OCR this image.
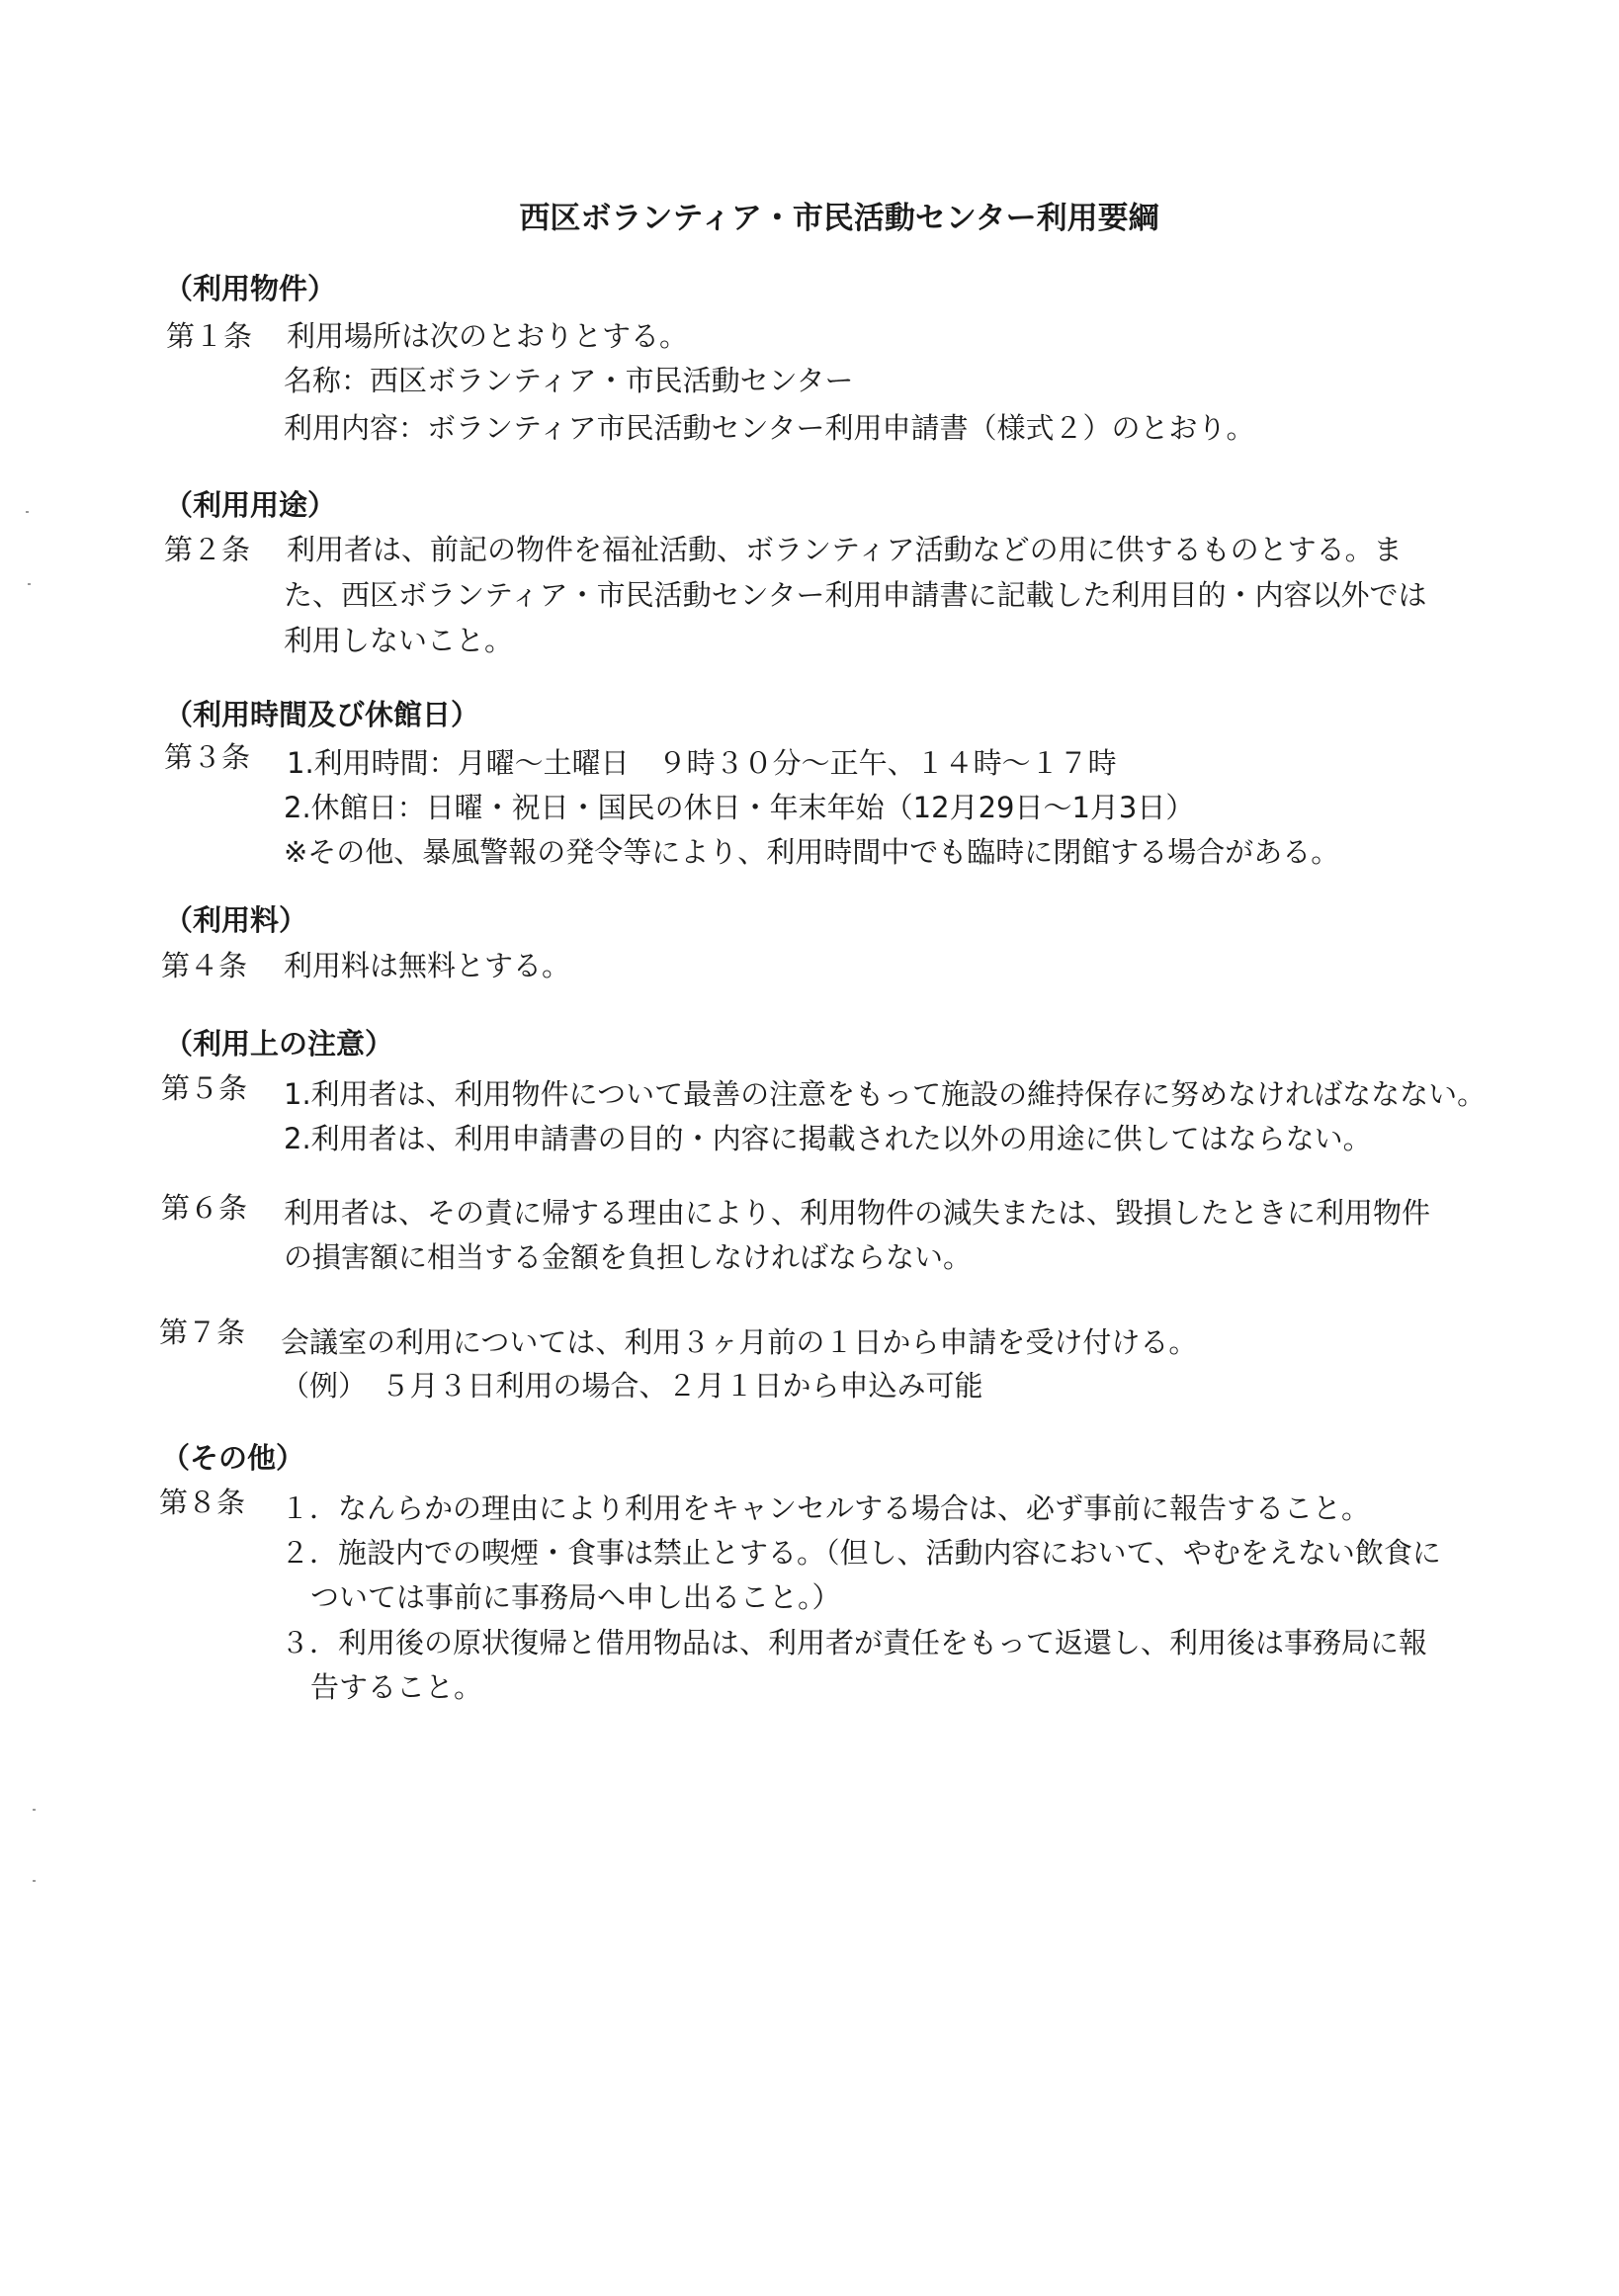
西区ボランティア・市民活動センター利用要綱
（利用物件）
第１条 利用場所は次のとおりとする。
名称：西区ボランティア・市民活動センター
利用内容：ボランティア市民活動センター利用申請書（様式２）のとおり。
（利用用途）
第２条 利用者は、前記の物件を福祉活動、ボランティア活動などの用に供するものとする。ま
た、西区ボランティア・市民活動センター利用申請書に記載した利用目的・内容以外では
利用しないこと。
（利用時間及び休館日）
第３条 1.利用時間：月曜～土曜日　９時３０分～正午、１４時～１７時
2.休館日：日曜・祝日・国民の休日・年末年始（12月29日～1月3日）
※その他、暴風警報の発令等により、利用時間中でも臨時に閉館する場合がある。
（利用料）
第４条 利用料は無料とする。
（利用上の注意）
第５条 1.利用者は、利用物件について最善の注意をもって施設の維持保存に努めなければななない。
2.利用者は、利用申請書の目的・内容に掲載された以外の用途に供してはならない。
第６条 利用者は、その責に帰する理由により、利用物件の減失または、毀損したときに利用物件
の損害額に相当する金額を負担しなければならない。
第７条 会議室の利用については、利用３ヶ月前の１日から申請を受け付ける。
（例）　５月３日利用の場合、２月１日から申込み可能
（その他）
第８条 １．なんらかの理由により利用をキャンセルする場合は、必ず事前に報告すること。
２．施設内での喫煙・食事は禁止とする。（但し、活動内容において、やむをえない飲食に
ついては事前に事務局へ申し出ること。）
３．利用後の原状復帰と借用物品は、利用者が責任をもって返還し、利用後は事務局に報
告すること。
